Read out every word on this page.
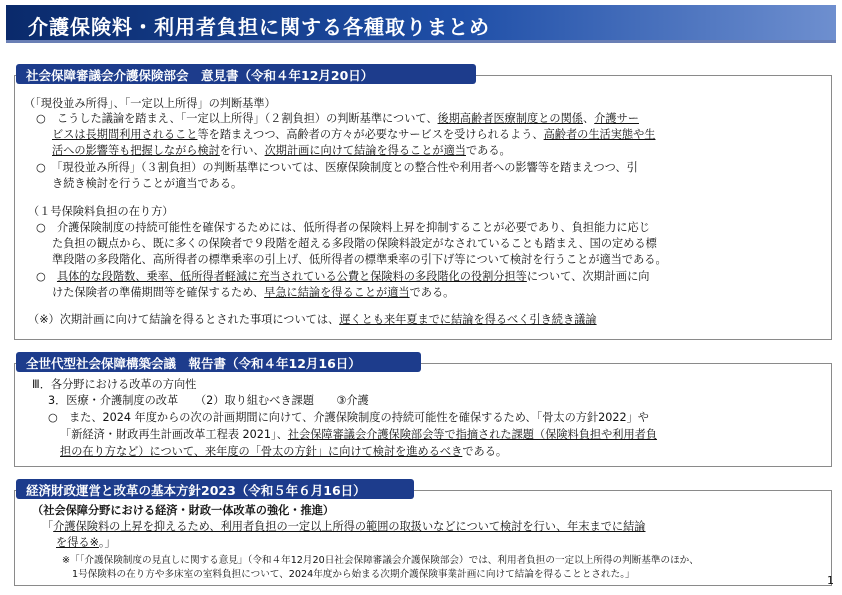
介護保険料・利用者負担に関する各種取りまとめ
社会保障審議会介護保険部会　意見書（令和４年12月20日）
（「現役並み所得」、「一定以上所得」の判断基準）
○　こうした議論を踏まえ、「一定以上所得」（２割負担）の判断基準について、後期高齢者医療制度との関係、介護サー
ビスは長期間利用されること等を踏まえつつ、高齢者の方々が必要なサービスを受けられるよう、高齢者の生活実態や生
活への影響等も把握しながら検討を行い、次期計画に向けて結論を得ることが適当である。
○　「現役並み所得」（３割負担）の判断基準については、医療保険制度との整合性や利用者への影響等を踏まえつつ、引
き続き検討を行うことが適当である。
（１号保険料負担の在り方）
○　介護保険制度の持続可能性を確保するためには、低所得者の保険料上昇を抑制することが必要であり、負担能力に応じ
た負担の観点から、既に多くの保険者で９段階を超える多段階の保険料設定がなされていることも踏まえ、国の定める標
準段階の多段階化、高所得者の標準乗率の引上げ、低所得者の標準乗率の引下げ等について検討を行うことが適当である。
○　具体的な段階数、乗率、低所得者軽減に充当されている公費と保険料の多段階化の役割分担等について、次期計画に向
けた保険者の準備期間等を確保するため、早急に結論を得ることが適当である。
（※）次期計画に向けて結論を得るとされた事項については、遅くとも来年夏までに結論を得るべく引き続き議論
全世代型社会保障構築会議　報告書（令和４年12月16日）
Ⅲ．各分野における改革の方向性
3．医療・介護制度の改革　　（2）取り組むべき課題　　③介護
○　また、2024 年度からの次の計画期間に向けて、介護保険制度の持続可能性を確保するため、「骨太の方針2022」や
「新経済・財政再生計画改革工程表 2021」、社会保障審議会介護保険部会等で指摘された課題（保険料負担や利用者負
担の在り方など）について、来年度の「骨太の方針」に向けて検討を進めるべきである。
経済財政運営と改革の基本方針2023（令和５年６月16日）
（社会保障分野における経済・財政一体改革の強化・推進）
「介護保険料の上昇を抑えるため、利用者負担の一定以上所得の範囲の取扱いなどについて検討を行い、年末までに結論
を得る※。」
※「「介護保険制度の見直しに関する意見」（令和４年12月20日社会保障審議会介護保険部会）では、利用者負担の一定以上所得の判断基準のほか、
1号保険料の在り方や多床室の室料負担について、2024年度から始まる次期介護保険事業計画に向けて結論を得ることとされた。」	1
